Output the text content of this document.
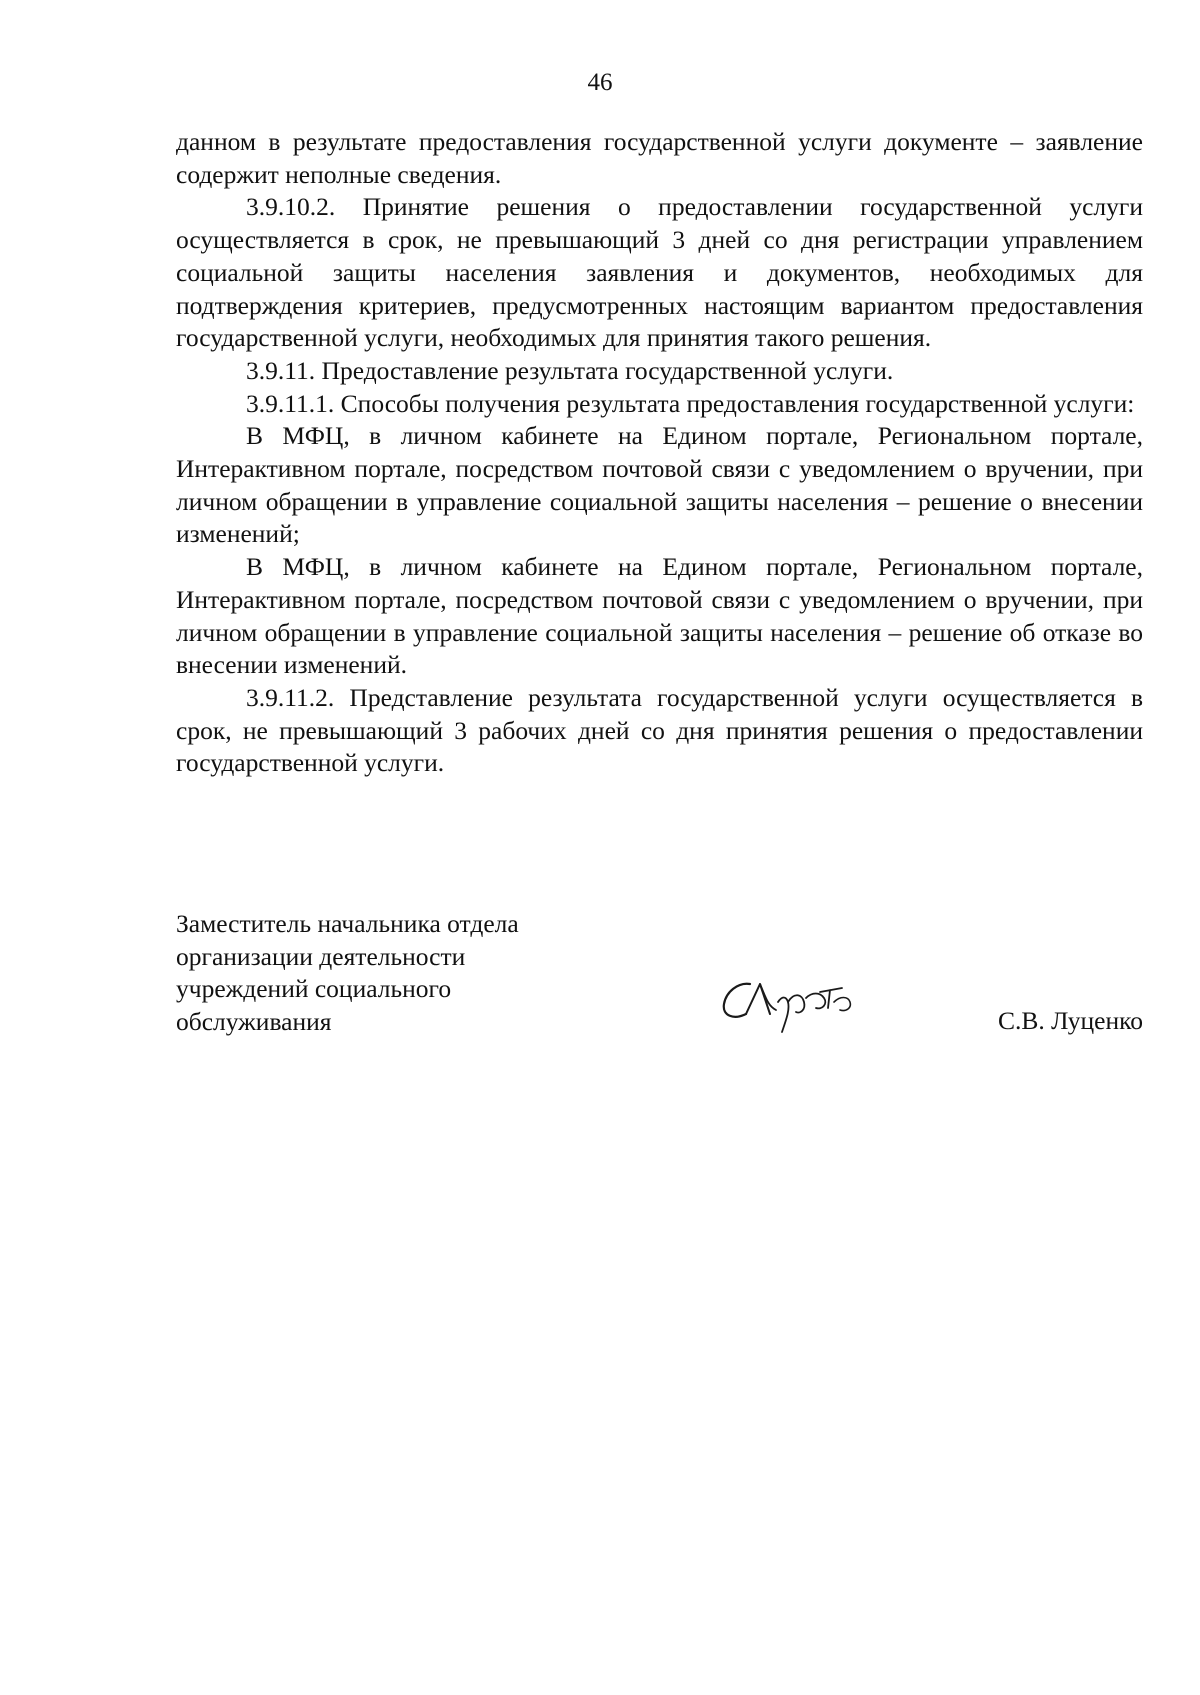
46

данном в результате предоставления государственной услуги документе – заявление содержит неполные сведения.

3.9.10.2. Принятие решения о предоставлении государственной услуги осуществляется в срок, не превышающий 3 дней со дня регистрации управлением социальной защиты населения заявления и документов, необходимых для подтверждения критериев, предусмотренных настоящим вариантом предоставления государственной услуги, необходимых для принятия такого решения.

3.9.11. Предоставление результата государственной услуги.

3.9.11.1. Способы получения результата предоставления государственной услуги:

В МФЦ, в личном кабинете на Едином портале, Региональном портале, Интерактивном портале, посредством почтовой связи с уведомлением о вручении, при личном обращении в управление социальной защиты населения – решение о внесении изменений;

В МФЦ, в личном кабинете на Едином портале, Региональном портале, Интерактивном портале, посредством почтовой связи с уведомлением о вручении, при личном обращении в управление социальной защиты населения – решение об отказе во внесении изменений.

3.9.11.2. Представление результата государственной услуги осуществляется в срок, не превышающий 3 рабочих дней со дня принятия решения о предоставлении государственной услуги.

Заместитель начальника отдела
организации деятельности
учреждений социального
обслуживания	С.В. Луценко
